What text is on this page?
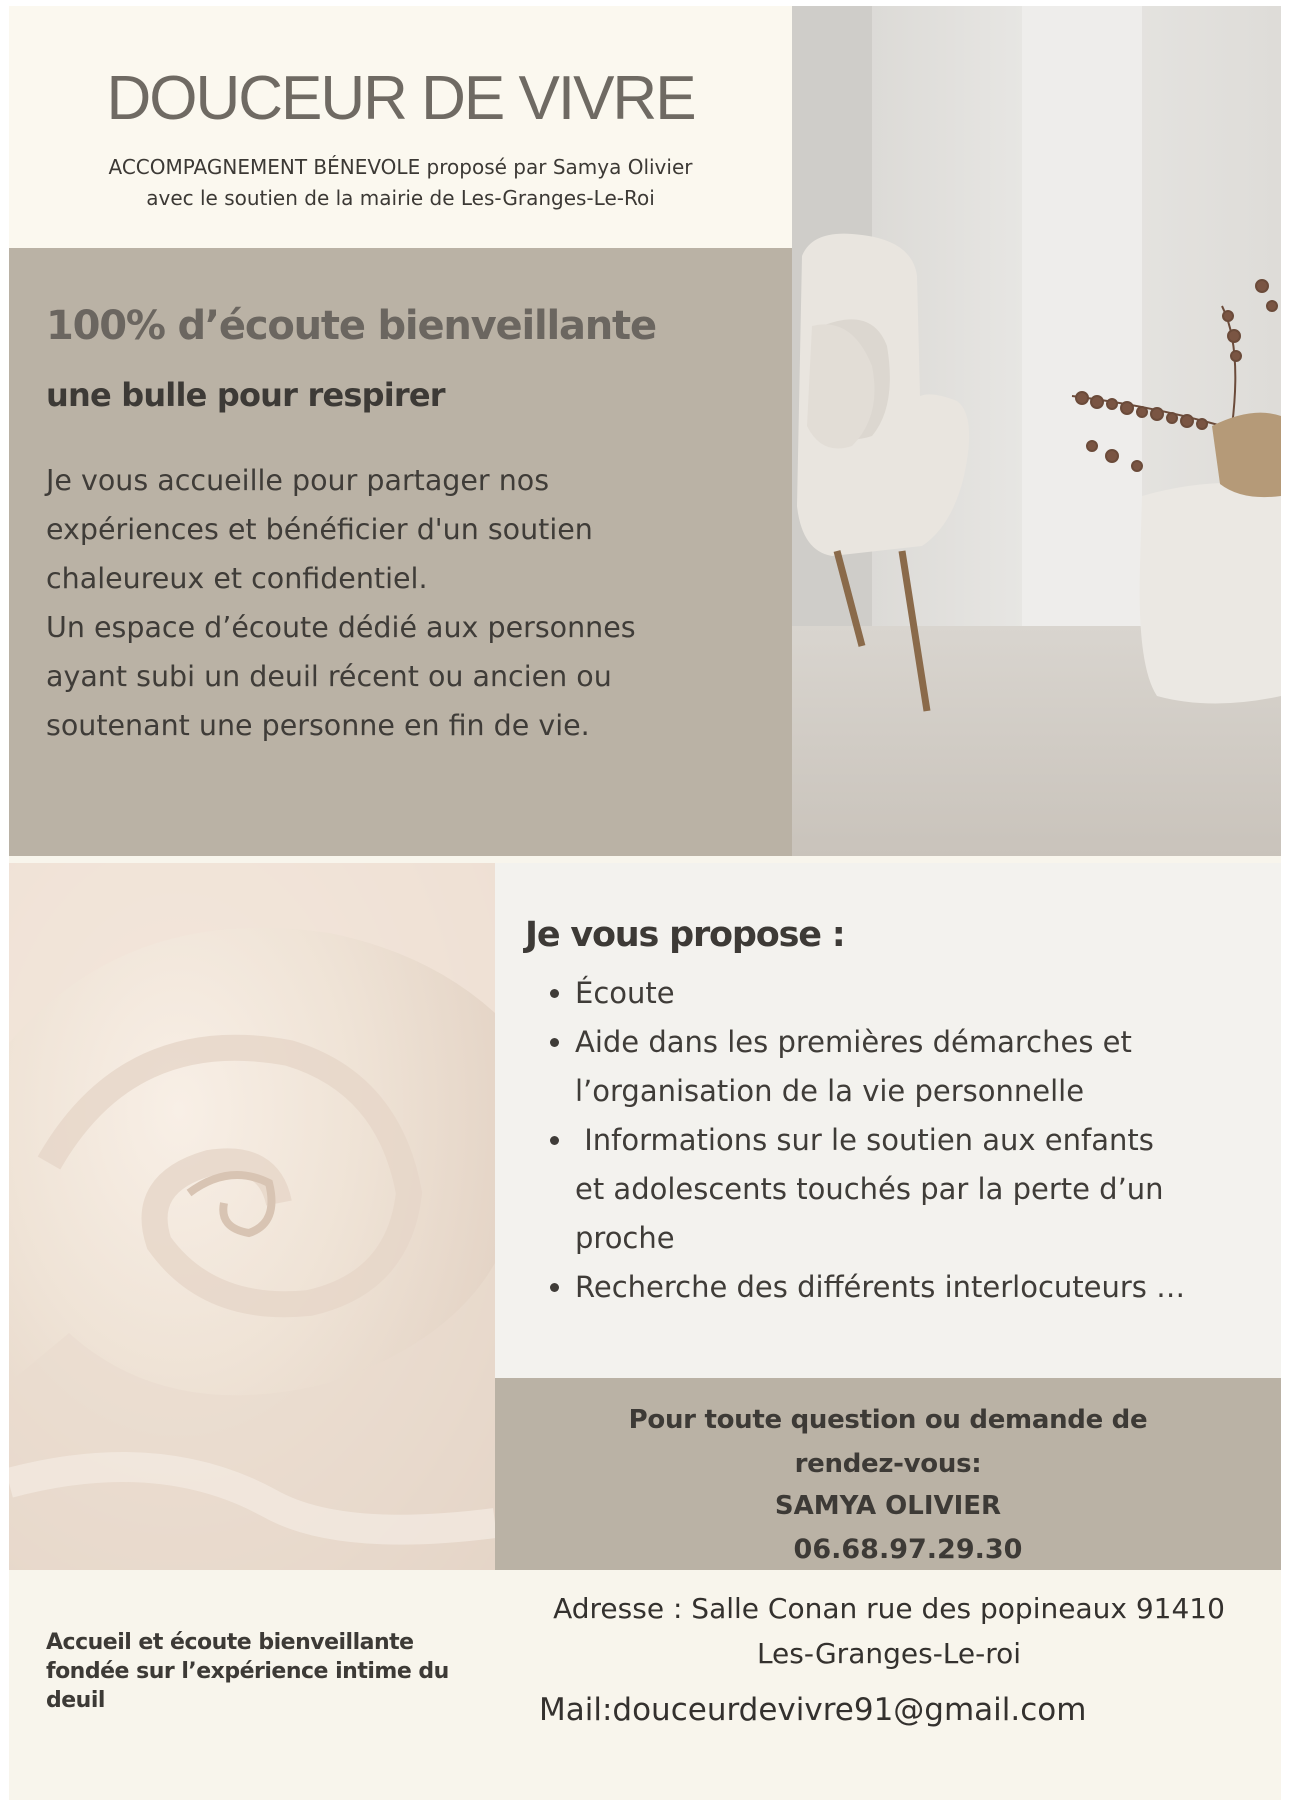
DOUCEUR DE VIVRE
ACCOMPAGNEMENT BÉNEVOLE proposé par Samya Olivier
avec le soutien de la mairie de Les-Granges-Le-Roi
100% d’écoute bienveillante
une bulle pour respirer

Je vous accueille pour partager nos
expériences et bénéficier d'un soutien
chaleureux et confidentiel.
Un espace d’écoute dédié aux personnes
ayant subi un deuil récent ou ancien ou
soutenant une personne en fin de vie.

Je vous propose :
• Écoute
• Aide dans les premières démarches et
l’organisation de la vie personnelle
•  Informations sur le soutien aux enfants
et adolescents touchés par la perte d’un
proche
• Recherche des différents interlocuteurs …
Pour toute question ou demande de
rendez-vous:
SAMYA OLIVIER
06.68.97.29.30
Accueil et écoute bienveillante
fondée sur l’expérience intime du
deuil
Adresse : Salle Conan rue des popineaux 91410
Les-Granges-Le-roi
Mail:douceurdevivre91@gmail.com
